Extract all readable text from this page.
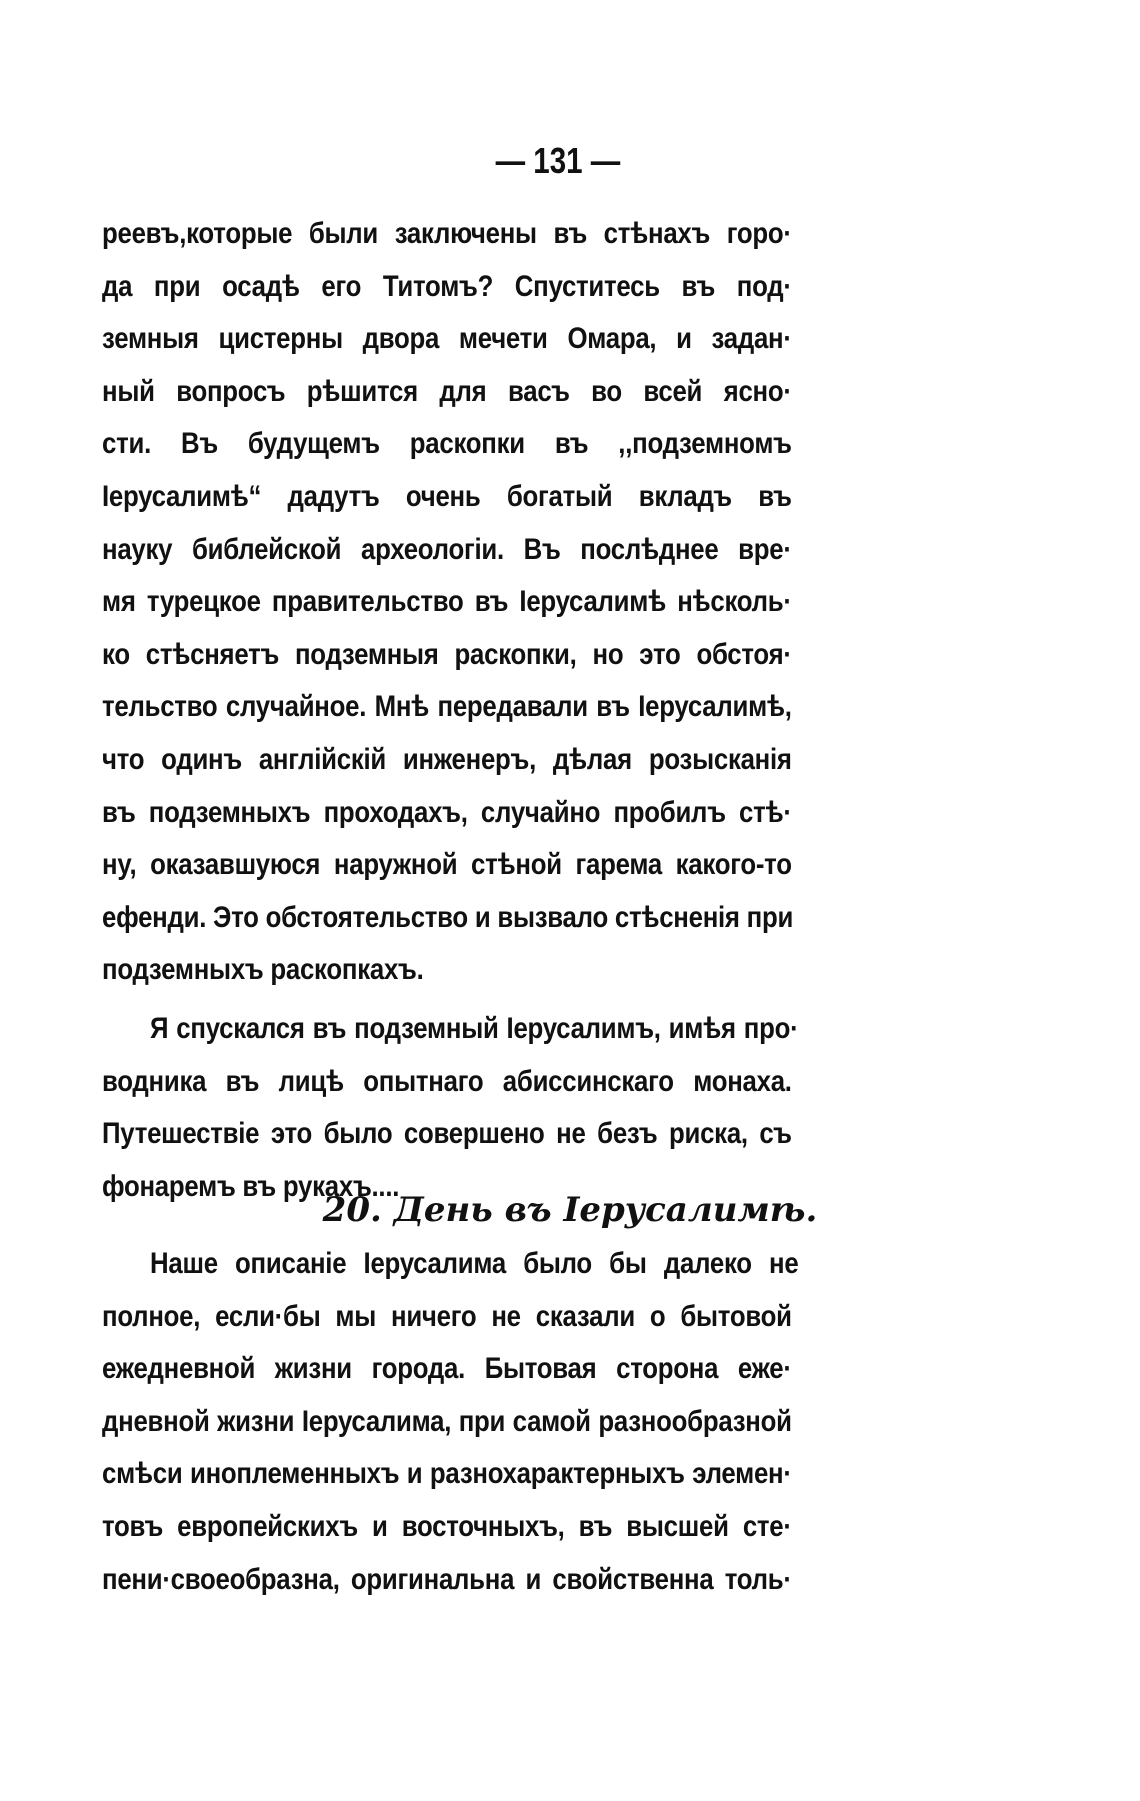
— 131 —
реевъ,которые были заключены въ стѣнахъ горо·
да при осадѣ его Титомъ? Спуститесь въ под·
земныя цистерны двора мечети Омара, и задан·
ный вопросъ рѣшится для васъ во всей ясно·
сти. Въ будущемъ раскопки въ ,,подземномъ
Іерусалимѣ“ дадутъ очень богатый вкладъ въ
науку библейской археологіи. Въ послѣднее вре·
мя турецкое правительство въ Іерусалимѣ нѣсколь·
ко стѣсняетъ подземныя раскопки, но это обстоя·
тельство случайное. Мнѣ передавали въ Іерусалимѣ,
что одинъ англійскій инженеръ, дѣлая розысканія
въ подземныхъ проходахъ, случайно пробилъ стѣ·
ну, оказавшуюся наружной стѣной гарема какого-то
ефенди. Это обстоятельство и вызвало стѣсненія при
подземныхъ раскопкахъ.
Я спускался въ подземный Іерусалимъ, имѣя про·
водника въ лицѣ опытнаго абиссинскаго монаха.
Путешествіе это было совершено не безъ риска, съ
фонаремъ въ рукахъ....
20. День въ Іерусалимѣ.
Наше описаніе Іерусалима было бы далеко не
полное, если·бы мы ничего не сказали о бытовой
ежедневной жизни города. Бытовая сторона еже·
дневной жизни Іерусалима, при самой разнообразной
смѣси иноплеменныхъ и разнохарактерныхъ элемен·
товъ европейскихъ и восточныхъ, въ высшей сте·
пени·своеобразна, оригинальна и свойственна толь·
